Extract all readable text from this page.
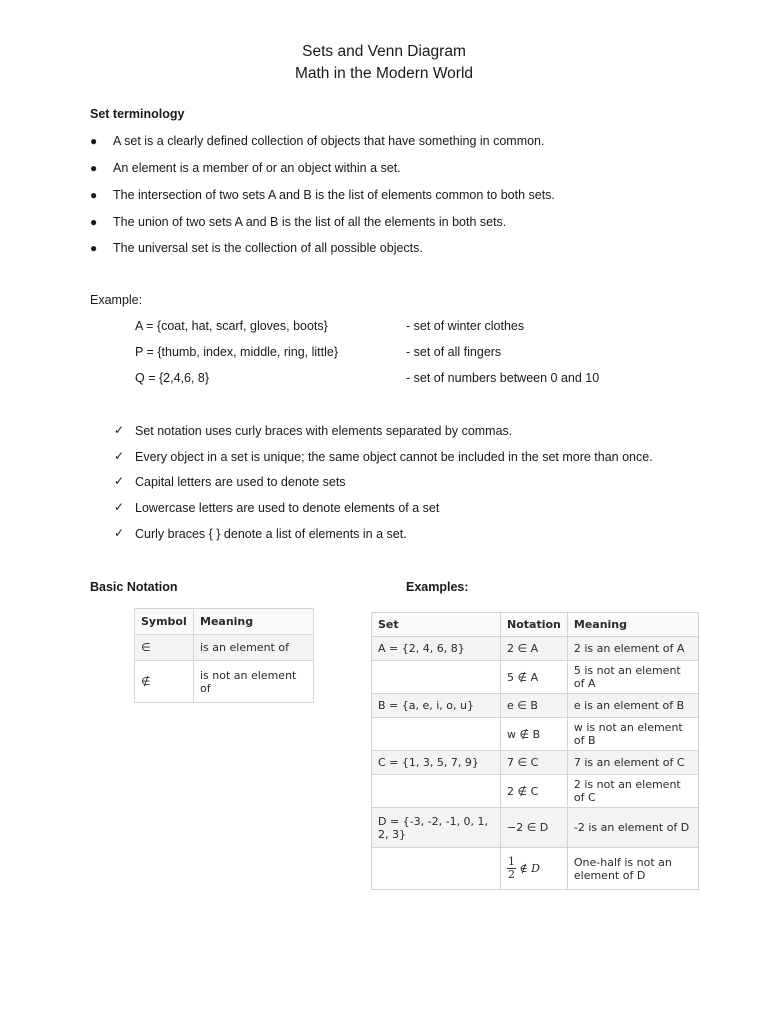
Sets and Venn Diagram
Math in the Modern World
Set terminology
● A set is a clearly defined collection of objects that have something in common.
● An element is a member of or an object within a set.
● The intersection of two sets A and B is the list of elements common to both sets.
● The union of two sets A and B is the list of all the elements in both sets.
● The universal set is the collection of all possible objects.
Example:
A = {coat, hat, scarf, gloves, boots}	- set of winter clothes
P = {thumb, index, middle, ring, little}	- set of all fingers
Q = {2,4,6, 8}	- set of numbers between 0 and 10
✓ Set notation uses curly braces with elements separated by commas.
✓ Every object in a set is unique; the same object cannot be included in the set more than once.
✓ Capital letters are used to denote sets
✓ Lowercase letters are used to denote elements of a set
✓ Curly braces { } denote a list of elements in a set.
Basic Notation
Symbol	Meaning
∈	is an element of
∉	is not an element of
Examples:
Set	Notation	Meaning
A = {2, 4, 6, 8}	2 ∈ A	2 is an element of A
	5 ∉ A	5 is not an element of A
B = {a, e, i, o, u}	e ∈ B	e is an element of B
	w ∉ B	w is not an element of B
C = {1, 3, 5, 7, 9}	7 ∈ C	7 is an element of C
	2 ∉ C	2 is not an element of C
D = {-3, -2, -1, 0, 1, 2, 3}	−2 ∈ D	-2 is an element of D

	$\frac{1}{2}$ ∉ D	One-half is not an element of D
